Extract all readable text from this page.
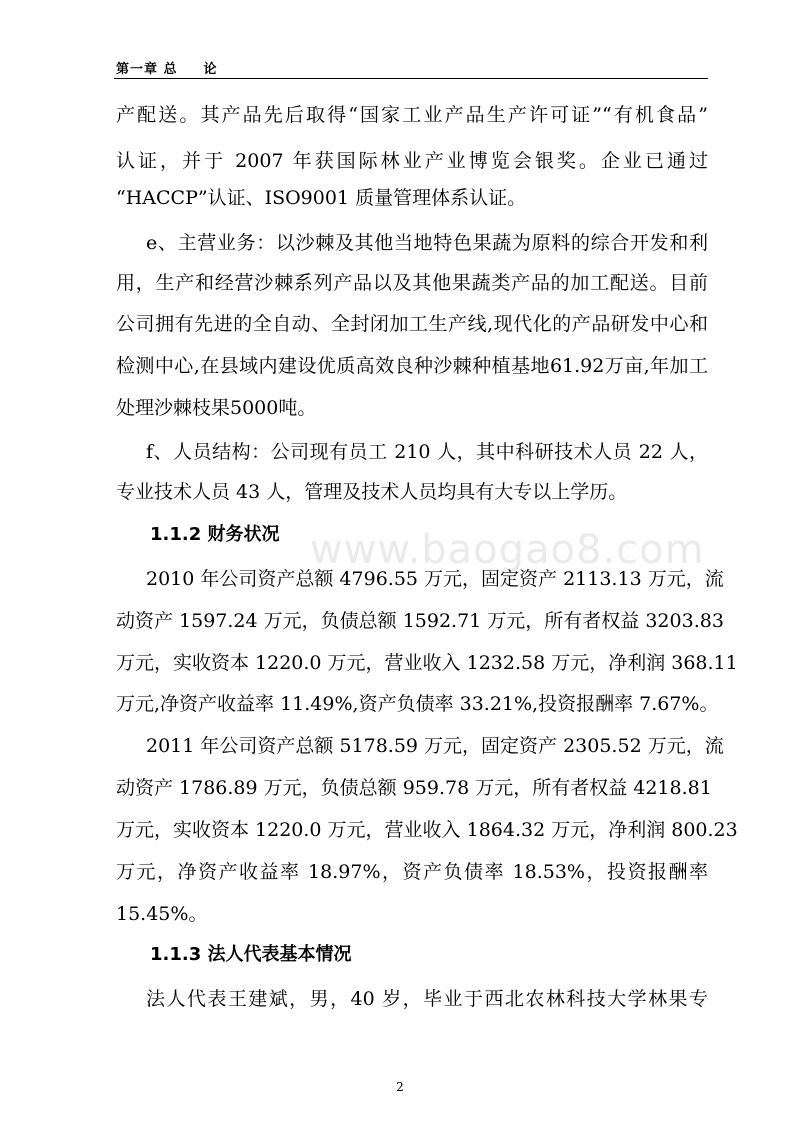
第一章 总 论
www.baogao8.com
产配送。其产品先后取得“国家工业产品生产许可证”“有机食品”
认证，并于 2007 年获国际林业产业博览会银奖。企业已通过
“HACCP”认证、ISO9001 质量管理体系认证。
e、主营业务：以沙棘及其他当地特色果蔬为原料的综合开发和利
用，生产和经营沙棘系列产品以及其他果蔬类产品的加工配送。目前
公司拥有先进的全自动、全封闭加工生产线,现代化的产品研发中心和
检测中心,在县域内建设优质高效良种沙棘种植基地61.92万亩,年加工
处理沙棘枝果5000吨。
f、人员结构：公司现有员工 210 人，其中科研技术人员 22 人，
专业技术人员 43 人，管理及技术人员均具有大专以上学历。
1.1.2 财务状况
2010 年公司资产总额 4796.55 万元，固定资产 2113.13 万元，流
动资产 1597.24 万元，负债总额 1592.71 万元，所有者权益 3203.83
万元，实收资本 1220.0 万元，营业收入 1232.58 万元，净利润 368.11
万元,净资产收益率 11.49%,资产负债率 33.21%,投资报酬率 7.67%。
2011 年公司资产总额 5178.59 万元，固定资产 2305.52 万元，流
动资产 1786.89 万元，负债总额 959.78 万元，所有者权益 4218.81
万元，实收资本 1220.0 万元，营业收入 1864.32 万元，净利润 800.23
万元，净资产收益率 18.97%，资产负债率 18.53%，投资报酬率
15.45%。
1.1.3 法人代表基本情况
法人代表王建斌，男，40 岁，毕业于西北农林科技大学林果专
2
